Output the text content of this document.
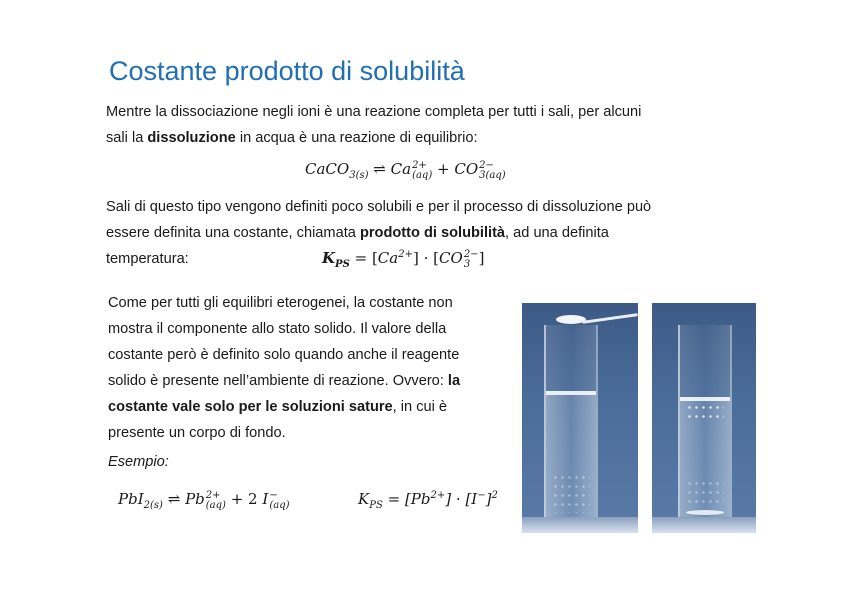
Costante prodotto di solubilità
Mentre la dissociazione negli ioni è una reazione completa per tutti i sali, per alcuni
sali la dissoluzione in acqua è una reazione di equilibrio:
CaCO$_{3(s)}$ ⇌ Ca 2+
(aq) + CO 2−
3(aq)
Sali di questo tipo vengono definiti poco solubili e per il processo di dissoluzione può
essere definita una costante, chiamata prodotto di solubilità, ad una definita
temperatura:	$K_{PS} = [Ca^{2+}] \cdot [CO$ 2−
3 ]
Come per tutti gli equilibri eterogenei, la costante non
mostra il componente allo stato solido. Il valore della
costante però è definito solo quando anche il reagente
solido è presente nell’ambiente di reazione. Ovvero: la
costante vale solo per le soluzioni sature, in cui è
presente un corpo di fondo.
Esempio:
PbI$_{2(s)}$ ⇌ Pb 2+
(aq) + 2 I −
(aq)	$K_{PS} = [Pb^{2+}] \cdot [I^-]^2$
